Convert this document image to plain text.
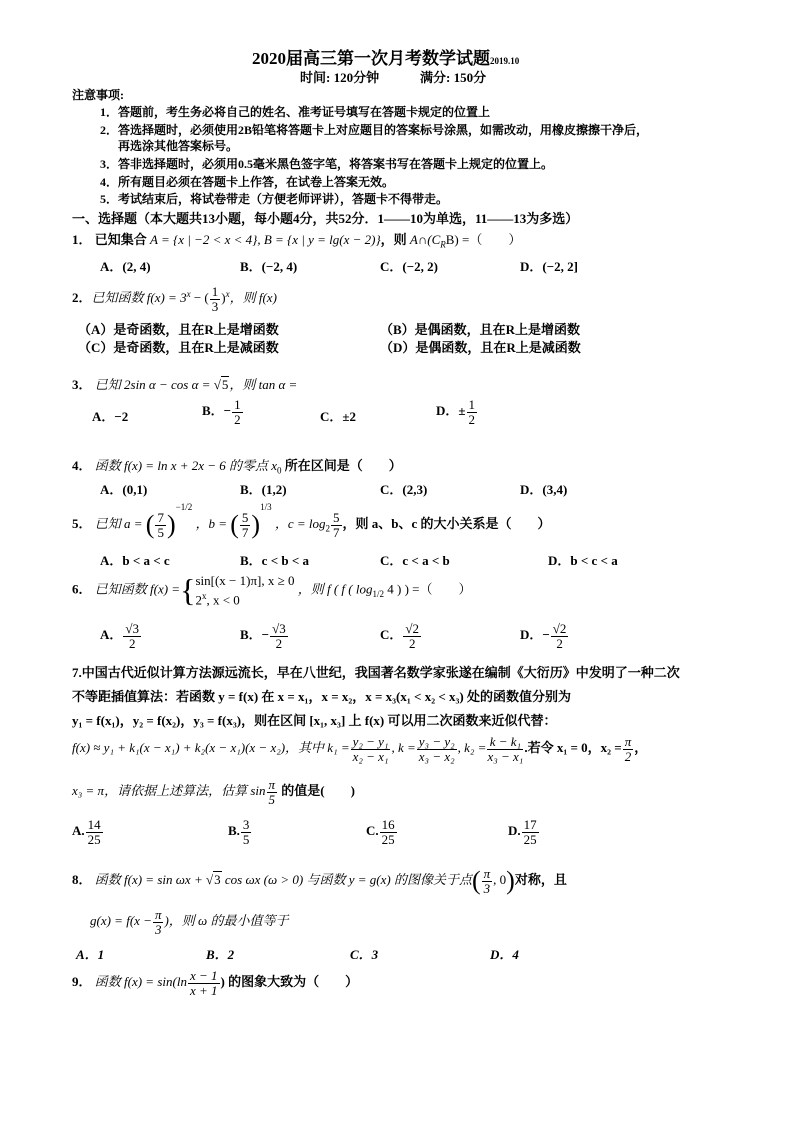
2020届高三第一次月考数学试题2019.10
时间: 120分钟	满分: 150分
注意事项:
1．答题前，考生务必将自己的姓名、准考证号填写在答题卡规定的位置上
2．答选择题时，必须使用2B铅笔将答题卡上对应题目的答案标号涂黑，如需改动，用橡皮擦擦干净后，
再选涂其他答案标号。
3．答非选择题时，必须用0.5毫米黑色签字笔，将答案书写在答题卡上规定的位置上。
4．所有题目必须在答题卡上作答，在试卷上答案无效。
5．考试结束后，将试卷带走（方便老师评讲），答题卡不得带走。
一、选择题（本大题共13小题，每小题4分，共52分．1——10为单选，11——13为多选）
1． 已知集合 A = {x | −2 < x < 4}, B = {x | y = lg(x − 2)}，则 $A\cap(C_RB)$ =（　　）
A．(2, 4)	B．(−2, 4)	C．(−2, 2)	D．(−2, 2]
2．已知函数 $f(x) = 3^x$ − ( $\frac{1}{3} )^x$，则 f(x)
（A）是奇函数，且在R上是增函数	（B）是偶函数，且在R上是增函数
（C）是奇函数，且在R上是减函数	（D）是偶函数，且在R上是减函数
3． 已知 2sin α − cos α = √5，则 tan α =
A．−2	B．− $\frac{1}{2}$	C．±2	D．± $\frac{1}{2}$
4． 函数 f(x) = ln x + 2x − 6 的零点 $x_0$ 所在区间是（　　）
A．(0,1)	B．(1,2)	C．(2,3)	D．(3,4)
5． 已知 a = ( $\frac{7}{5} )^{-1/2}$ ，b = ( $\frac{5}{7} )^{1/3}$ ，$c = \log_2 \frac{5}{7}$ ，则 a、b、c 的大小关系是（　　）
A．b < a < c	B．c < b < a	C．c < a < b	D．b < c < a
6． 已知函数 f(x) ={ sin[(x − 1)π], x ≥ 0
2$^x$, x < 0
，则 f ( f ( $\log_{1/2} 4$ ) ) =（　　）
A． $\frac{√3}{2}$	B．− $\frac{√3}{2}$	C． $\frac{√2}{2}$	D．− $\frac{√2}{2}$
7.中国古代近似计算方法源远流长，早在八世纪，我国著名数学家张遂在编制《大衍历》中发明了一种二次
不等距插值算法：若函数 y = f(x) 在 x = x₁，x = x₂，x = x₃(x₁ < x₂ < x₃) 处的函数值分别为
y₁ = f(x₁)，y₂ = f(x₂)，y₃ = f(x₃)，则在区间 [x₁, x₃] 上 f(x) 可以用二次函数来近似代替：
f(x) ≈ y₁ + k₁(x − x₁) + k₂(x − x₁)(x − x₂)，其中 $k_1 = \frac{\text{y₂ − y₁}}{\text{x₂ − x₁}}$ , $k = \frac{\text{y₃ − y₂}}{\text{x₃ − x₂}}$ , $k_2 = \frac{\text{k − k₁}}{\text{x₃ − x₁}}$ .若令 x₁ = 0，$x_2 = \frac{\pi}{2}$ ，
x₃ = π，请依据上述算法，估算 $\sin \frac{\pi}{5}$ 的值是(　　)
A. $\frac{14}{25}$	B. $\frac{3}{5}$	C. $\frac{16}{25}$	D. $\frac{17}{25}$
8． 函数 f(x) = sin ωx + √3 cos ωx (ω > 0) 与函数 y = g(x) 的图像关于点( $\frac{\pi}{3}$ , 0)对称，且
$g(x) = f(x - \frac{\pi}{3}$ )，则 ω 的最小值等于
A．1	B．2	C．3	D．4
9． 函数 $f(x) = \sin(\ln \frac{x - 1}{x + 1}$ ) 的图象大致为（　　）
